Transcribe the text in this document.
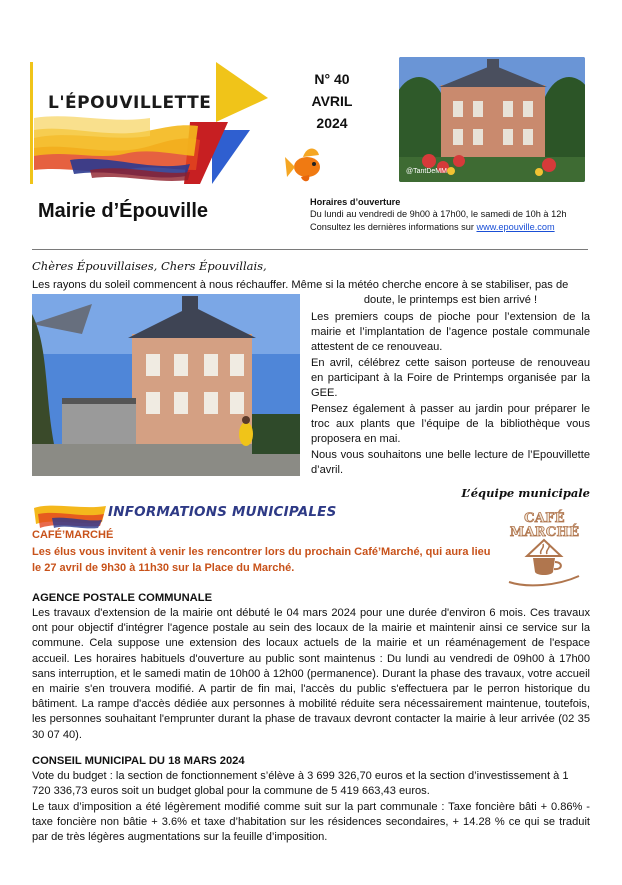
L'ÉPOUVILLETTE
Mairie d’Épouville
N° 40
AVRIL
2024
@TantDeMM
Horaires d’ouverture
Du lundi au vendredi de 9h00 à 17h00, le samedi de 10h à 12h
Consultez les dernières informations sur www.epouville.com
Chères Épouvillaises, Chers Épouvillais,
Les rayons du soleil commencent à nous réchauffer. Même si la météo cherche encore à se stabiliser, pas de
doute, le printemps est bien arrivé !
Les premiers coups de pioche pour l’extension de la mairie et l’implantation de l’agence postale communale attestent de ce renouveau.
En avril, célébrez cette saison porteuse de renouveau en participant à la Foire de Printemps organisée par la GEE.
Pensez également à passer au jardin pour préparer le troc aux plants que l’équipe de la bibliothèque vous proposera en mai.
Nous vous souhaitons une belle lecture de l’Epouvillette d’avril.
L’équipe municipale
INFORMATIONS MUNICIPALES
CAFÉ’MARCHÉ
Les élus vous invitent à venir les rencontrer lors du prochain Café’Marché, qui aura lieu le 27 avril de 9h30 à 11h30 sur la Place du Marché.
CAFÉ
MARCHÉ
AGENCE POSTALE COMMUNALE
Les travaux d'extension de la mairie ont débuté le 04 mars 2024 pour une durée d'environ 6 mois. Ces travaux ont pour objectif d'intégrer l'agence postale au sein des locaux de la mairie et maintenir ainsi ce service sur la commune. Cela suppose une extension des locaux actuels de la mairie et un réaménagement de l'espace accueil. Les horaires habituels d'ouverture au public sont maintenus : Du lundi au vendredi de 09h00 à 17h00 sans interruption, et le samedi matin de 10h00 à 12h00 (permanence). Durant la phase des travaux, votre accueil en mairie s'en trouvera modifié. A partir de fin mai, l'accès du public s'effectuera par le perron historique du bâtiment. La rampe d'accès dédiée aux personnes à mobilité réduite sera nécessairement maintenue, toutefois, les personnes souhaitant l'emprunter durant la phase de travaux devront contacter la mairie à leur arrivée (02 35 30 07 40).
CONSEIL MUNICIPAL DU 18 MARS 2024
Vote du budget : la section de fonctionnement s’élève à 3 699 326,70 euros et la section d’investissement à 1 720 336,73 euros soit un budget global pour la commune de 5 419 663,43 euros.
Le taux d’imposition a été légèrement modifié comme suit sur la part communale : Taxe foncière bâti + 0.86% - taxe foncière non bâtie + 3.6% et taxe d’habitation sur les résidences secondaires, + 14.28 % ce qui se traduit par de très légères augmentations sur la feuille d’imposition.
